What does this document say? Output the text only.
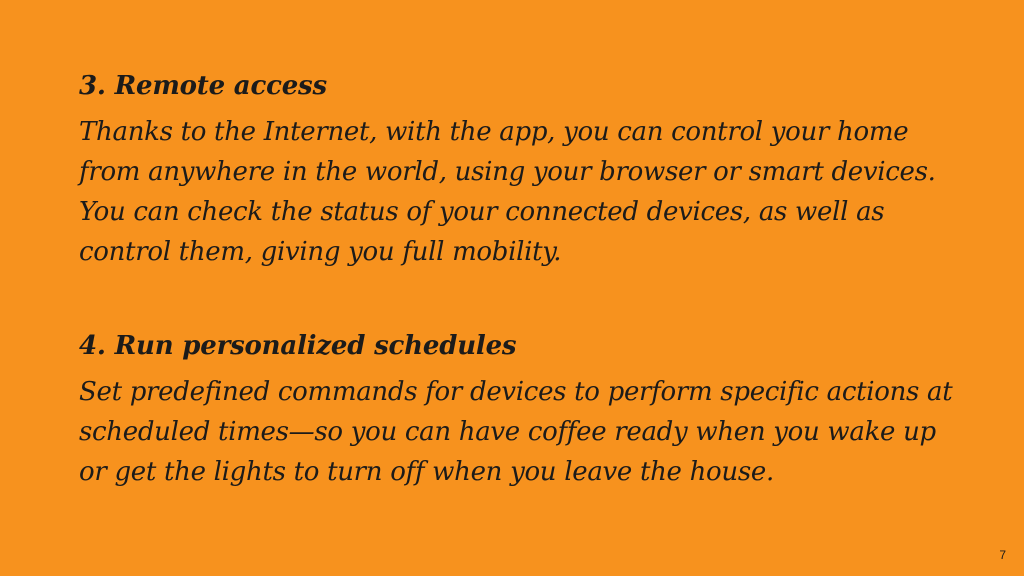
3. Remote access

Thanks to the Internet, with the app, you can control your home from anywhere in the world, using your browser or smart devices. You can check the status of your connected devices, as well as control them, giving you full mobility.

4. Run personalized schedules

Set predefined commands for devices to perform specific actions at scheduled times—so you can have coffee ready when you wake up or get the lights to turn off when you leave the house.

7
